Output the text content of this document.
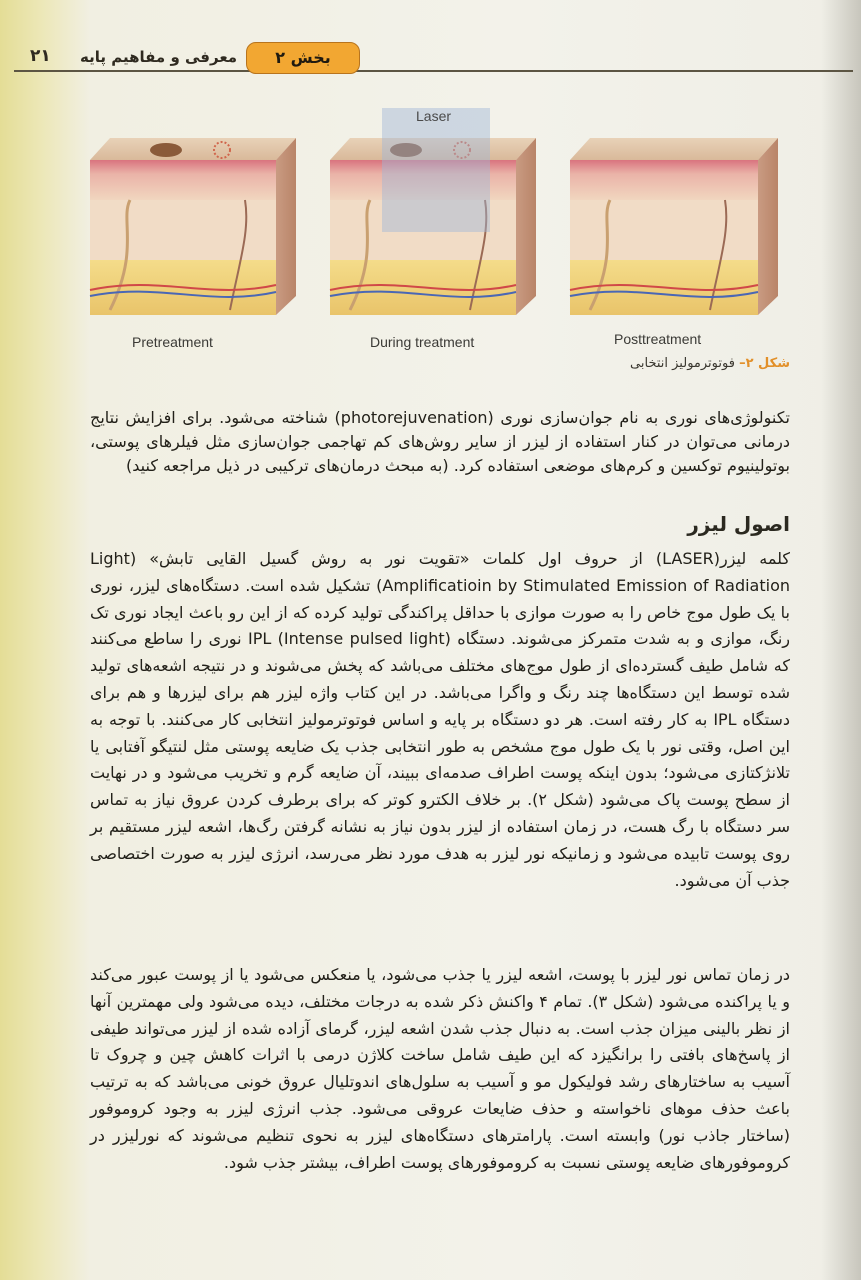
۲۱ معرفی و مفاهیم پایه	بخش ۲
Laser
Pretreatment	During treatment	Posttreatment
شکل ۲– فوتوترمولیز انتخابی
تکنولوژی‌های نوری به نام جوان‌سازی نوری (photorejuvenation) شناخته می‌شود. برای افزایش نتایج درمانی می‌توان در کنار استفاده از لیزر از سایر روش‌های کم تهاجمی جوان‌سازی مثل فیلرهای پوستی، بوتولینیوم توکسین و کرم‌های موضعی استفاده کرد. (به مبحث درمان‌های ترکیبی در ذیل مراجعه کنید)
اصول لیزر
کلمه لیزر(LASER) از حروف اول کلمات «تقویت نور به روش گسیل القایی تابش» (Light Amplificatioin by Stimulated Emission of Radiation) تشکیل شده است. دستگاه‌های لیزر، نوری با یک طول موج خاص را به صورت موازی با حداقل پراکندگی تولید کرده که از این رو باعث ایجاد نوری تک رنگ، موازی و به شدت متمرکز می‌شوند. دستگاه IPL (Intense pulsed light) نوری را ساطع می‌کنند که شامل طیف گسترده‌ای از طول موج‌های مختلف می‌باشد که پخش می‌شوند و در نتیجه اشعه‌های تولید شده توسط این دستگاه‌ها چند رنگ و واگرا می‌باشد. در این کتاب واژه لیزر هم برای لیزرها و هم برای دستگاه IPL به کار رفته است. هر دو دستگاه بر پایه و اساس فوتوترمولیز انتخابی کار می‌کنند. با توجه به این اصل، وقتی نور با یک طول موج مشخص به طور انتخابی جذب یک ضایعه پوستی مثل لنتیگو آفتابی یا تلانژکتازی می‌شود؛ بدون اینکه پوست اطراف صدمه‌ای ببیند، آن ضایعه گرم و تخریب می‌شود و در نهایت از سطح پوست پاک می‌شود (شکل ۲). بر خلاف الکترو کوتر که برای برطرف کردن عروق نیاز به تماس سر دستگاه با رگ هست، در زمان استفاده از لیزر بدون نیاز به نشانه گرفتن رگ‌ها، اشعه لیزر مستقیم بر روی پوست تابیده می‌شود و زمانیکه نور لیزر به هدف مورد نظر می‌رسد، انرژی لیزر به صورت اختصاصی جذب آن می‌شود.
در زمان تماس نور لیزر با پوست، اشعه لیزر یا جذب می‌شود، یا منعکس می‌شود یا از پوست عبور می‌کند و یا پراکنده می‌شود (شکل ۳). تمام ۴ واکنش ذکر شده به درجات مختلف، دیده می‌شود ولی مهمترین آنها از نظر بالینی میزان جذب است. به دنبال جذب شدن اشعه لیزر، گرمای آزاده شده از لیزر می‌تواند طیفی از پاسخ‌های بافتی را برانگیزد که این طیف شامل ساخت کلاژن درمی با اثرات کاهش چین و چروک تا آسیب به ساختارهای رشد فولیکول مو و آسیب به سلول‌های اندوتلیال عروق خونی می‌باشد که به ترتیب باعث حذف موهای ناخواسته و حذف ضایعات عروقی می‌شود. جذب انرژی لیزر به وجود کروموفور (ساختار جاذب نور) وابسته است. پارامترهای دستگاه‌های لیزر به نحوی تنظیم می‌شوند که نورلیزر در کروموفورهای ضایعه پوستی نسبت به کروموفورهای پوست اطراف، بیشتر جذب شود.
